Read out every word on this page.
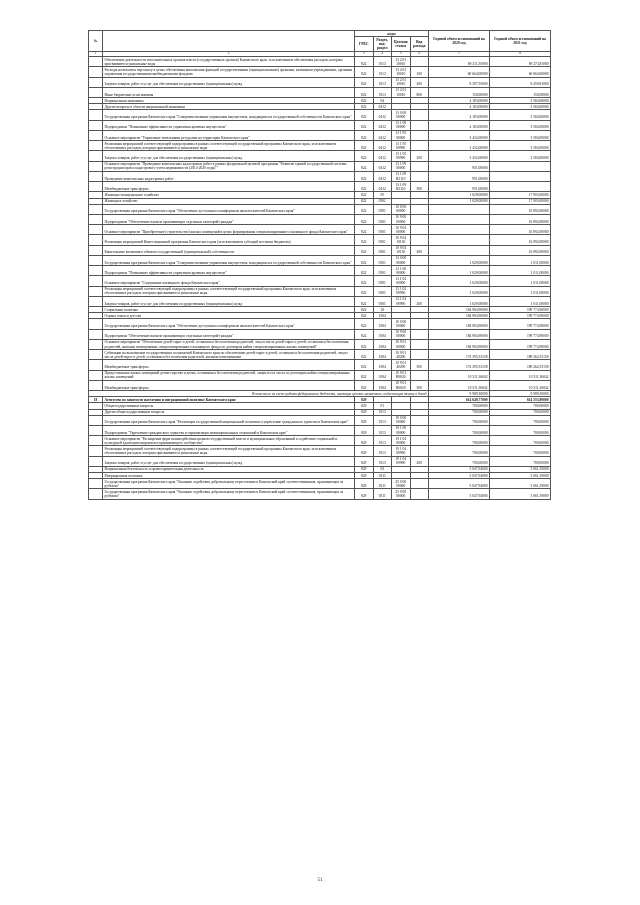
№		коды				Годовой объем ассигнований на 2020 год	Годовой объем ассигнований на 2021 год
		ГРБС	Раздел, под-раздел	Целевая статья	Вид расхода		
1	2	3	4	5	6	7	8
	Обеспечение деятельности исполнительных органов власти (государственных органов) Камчатского края, за исключением обеспечения расходов, которым присваиваются уникальные коды	822	0113	13 2 01 10010		69 211,55000	69 273,81000
	Расходы на выплаты персоналу в целях обеспечения выполнения функций государственными (муниципальными) органами, казенными учреждениями, органами управления государственными внебюджетными фондами	822	0113	13 2 01 10010	100	60 664,00000	60 664,00000
	Закупка товаров, работ и услуг для обеспечения государственных (муниципальных) нужд	822	0113	13 2 01 10010	200	8 397,55000	8 459,81000
	Иные бюджетные ассигнования	822	0113	13 2 01 10010	800	150,00000	150,00000
	Национальная экономика	822	04			4 183,00000	3 584,00000
	Другие вопросы в области национальной экономики	822	0412			4 183,00000	3 584,00000
	Государственная программа Камчатского края "Совершенствование управления имуществом, находящимся в государственной собственности Камчатского края"	822	0412	13 0 00 00000		4 183,00000	3 584,00000
	Подпрограмма "Повышение эффективности управления краевым имуществом"	822	0412	13 1 00 00000		4 183,00000	3 584,00000
	Основное мероприятие "Управление земельными ресурсами на территории Камчатского края"	822	0412	13 1 05 00000		3 432,00000	3 584,00000
	Реализация мероприятий соответствующей подпрограммы в рамках соответствующей государственной программы Камчатского края, за исключением обеспеченных расходов, которым присваиваются уникальные коды	822	0412	13 1 05 09990		3 432,00000	3 584,00000
	Закупка товаров, работ и услуг для обеспечения государственных (муниципальных) нужд	822	0412	13 1 05 09990	200	3 432,00000	3 584,00000
	Основное мероприятие "Проведение комплексных кадастровых работ в рамках федеральной целевой программы "Развитие единой государственной системы регистрации прав и кадастрового учета недвижимости (2014-2020 годы)""	822	0412	13 1 09 00000		951,00000	
	Проведение комплексных кадастровых работ	822	0412	13 1 09 R5110		951,00000	
	Межбюджетные трансферты	822	0412	13 1 09 R5110	500	951,00000	
	Жилищно-коммунальное хозяйство	822	05			1 029,00000	17 903,00000
	Жилищное хозяйство	822	0501			1 029,00000	17 903,00000
	Государственная программа Камчатского края "Обеспечение доступным и комфортным жильем жителей Камчатского края"	822	0501	10 0 00 00000			16 892,00000
	Подпрограмма "Обеспечение жильем проживающих отдельных категорий граждан"	822	0501	10 9 00 00000			16 892,00000
	Основное мероприятие "Приобретение (строительство) жилых помещений в целях формирования специализированного жилищного фонда Камчатского края"	822	0501	10 9 04 00000			16 892,00000
	Реализация мероприятий Инвестиционной программы Камчатского края (за исключением субсидий местным бюджетам)	822	0501	10 9 04 10130			16 892,00000
	Капитальные вложения в объекты государственной (муниципальной) собственности	822	0501	10 9 04 10130	400		16 892,00000
	Государственная программа Камчатского края "Совершенствование управления имуществом, находящимся в государственной собственности Камчатского края"	822	0501	13 0 00 00000		1 029,00000	1 011,00000
	Подпрограмма "Повышение эффективности управления краевым имуществом"	822	0501	13 1 00 00000		1 029,00000	1 011,00000
	Основное мероприятие "Содержание жилищного фонда Камчатского края"	822	0501	13 1 02 00000		1 029,00000	1 011,00000
	Реализация мероприятий соответствующей подпрограммы в рамках соответствующей государственной программы Камчатского края, за исключением обеспеченных расходов, которым присваиваются уникальные коды	822	0501	13 1 02 09990		1 029,00000	1 011,00000
	Закупка товаров, работ и услуг для обеспечения государственных (муниципальных) нужд	822	0501	13 1 02 09990	200	1 029,00000	1 011,00000
	Социальная политика	822	10			184 904,90000	199 774,90000
	Охрана семьи и детства	822	1004			184 904,90000	199 774,90000
	Государственная программа Камчатского края "Обеспечение доступным и комфортным жильем жителей Камчатского края"	822	1004	10 0 00 00000		184 904,90000	199 774,90000
	Подпрограмма "Обеспечение жильем проживающих отдельных категорий граждан"	822	1004	10 9 00 00000		184 904,90000	199 774,90000
	Основное мероприятие "Обеспечение детей-сирот и детей, оставшихся без попечения родителей, лиц из числа детей-сирот и детей, оставшихся без попечения родителей, жилыми помещениями специализированного жилищного фонда по договорам найма специализированных жилых помещений"	822	1004	10 9 01 00000		184 904,90000	199 774,90000
	Субвенции на выполнение государственных полномочий Камчатского края по обеспечению детей-сирот и детей, оставшихся без попечения родителей, лиц из числа детей-сирот и детей, оставшихся без попечения родителей, жилыми помещениями	822	1004	10 9 01 40290		174 395,53158	189 262,55158
	Межбюджетные трансферты	822	1004	10 9 01 40290	500	174 395,53158	189 262,55158
	Предоставление жилых помещений детям-сиротам и детям, оставшимся без попечения родителей, лицам из их числа по договорам найма специализированных жилых помещений	822	1004	10 9 01 R0820		10 511,36842	10 511,36842
	Межбюджетные трансферты	822	1004	10 9 01 R0820	500	10 511,36842	10 511,36842
В том числе за счет средств федерального бюджета, имеющих целевое назначение, подлежащих зачету в доход						9 989,30000	9 989,30000
18	Агентство по занятости населения и миграционной политике Камчатского края	829				614 649,77000	614 553,89000
	Общегосударственные вопросы	829	01			700,00000	700,00000
	Другие общегосударственные вопросы	829	0113			700,00000	700,00000
	Государственная программа Камчатского края "Реализация государственной национальной политики и укрепление гражданского единства в Камчатском крае"	829	0113	19 0 00 00000		700,00000	700,00000
	Подпрограмма "Укрепление гражданского единства и гармонизация межнациональных отношений в Камчатском крае"	829	0113	19 1 00 00000		700,00000	700,00000
	Основное мероприятие "Расширение форм взаимодействия органов государственной власти и муниципальных образований и содействие социальной и культурной адаптации мигрантов и принимающего сообщества"	829	0113	19 1 04 00000		700,00000	700,00000
	Реализация мероприятий соответствующей подпрограммы в рамках соответствующей государственной программы Камчатского края, за исключением обеспеченных расходов, которым присваиваются уникальные коды	829	0113	19 1 04 09990		700,00000	700,00000
	Закупка товаров, работ и услуг для обеспечения государственных (муниципальных) нужд	829	0113	19 1 04 09990	200	700,00000	700,00000
	Национальная безопасность и правоохранительная деятельность	829	03			5 047,94000	5 061,39000
	Миграционная политика	829	0311			5 047,94000	5 061,39000
	Государственная программа Камчатского края "Оказание содействия добровольному переселению в Камчатский край соотечественников, проживающих за рубежом"	829	0311	25 0 00 00000		5 047,94000	5 061,39000
	Государственная программа Камчатского края "Оказание содействия добровольному переселению в Камчатский край соотечественников, проживающих за рубежом"	829	0311	25 0 00 00000		5 047,94000	5 061,39000
51
